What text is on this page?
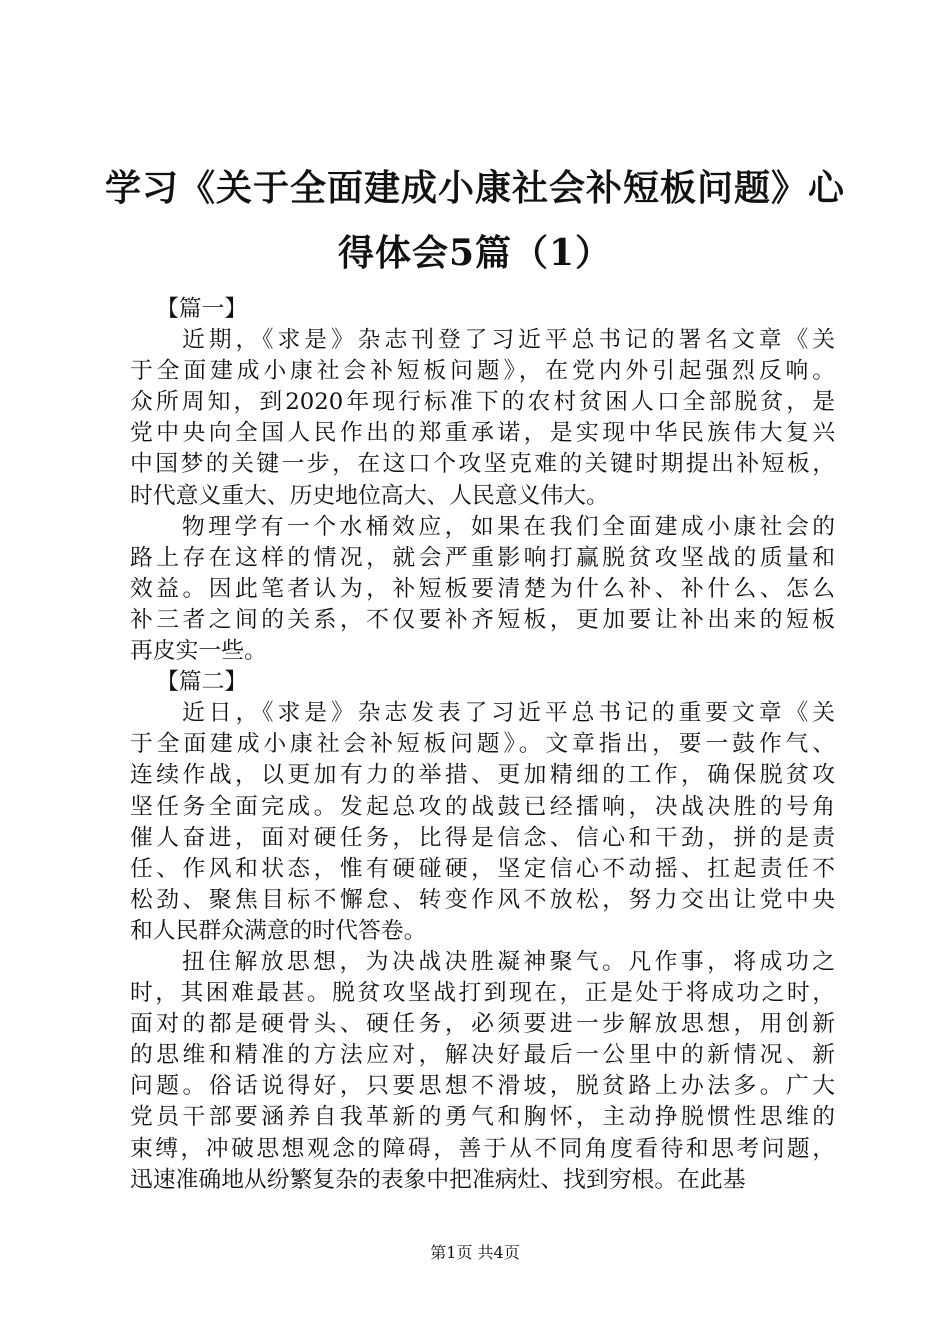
学习《关于全面建成小康社会补短板问题》心
得体会5篇（1）
【篇一】
近期，《求是》杂志刊登了习近平总书记的署名文章《关
于全面建成小康社会补短板问题》，在党内外引起强烈反响。
众所周知，到2020年现行标准下的农村贫困人口全部脱贫，是
党中央向全国人民作出的郑重承诺，是实现中华民族伟大复兴
中国梦的关键一步，在这口个攻坚克难的关键时期提出补短板，
时代意义重大、历史地位高大、人民意义伟大。
物理学有一个水桶效应，如果在我们全面建成小康社会的
路上存在这样的情况，就会严重影响打赢脱贫攻坚战的质量和
效益。因此笔者认为，补短板要清楚为什么补、补什么、怎么
补三者之间的关系，不仅要补齐短板，更加要让补出来的短板
再皮实一些。
【篇二】
近日，《求是》杂志发表了习近平总书记的重要文章《关
于全面建成小康社会补短板问题》。文章指出，要一鼓作气、
连续作战，以更加有力的举措、更加精细的工作，确保脱贫攻
坚任务全面完成。发起总攻的战鼓已经擂响，决战决胜的号角
催人奋进，面对硬任务，比得是信念、信心和干劲，拼的是责
任、作风和状态，惟有硬碰硬，坚定信心不动摇、扛起责任不
松劲、聚焦目标不懈怠、转变作风不放松，努力交出让党中央
和人民群众满意的时代答卷。
扭住解放思想，为决战决胜凝神聚气。凡作事，将成功之
时，其困难最甚。脱贫攻坚战打到现在，正是处于将成功之时，
面对的都是硬骨头、硬任务，必须要进一步解放思想，用创新
的思维和精准的方法应对，解决好最后一公里中的新情况、新
问题。俗话说得好，只要思想不滑坡，脱贫路上办法多。广大
党员干部要涵养自我革新的勇气和胸怀，主动挣脱惯性思维的
束缚，冲破思想观念的障碍，善于从不同角度看待和思考问题，
迅速准确地从纷繁复杂的表象中把准病灶、找到穷根。在此基
第1页 共4页
